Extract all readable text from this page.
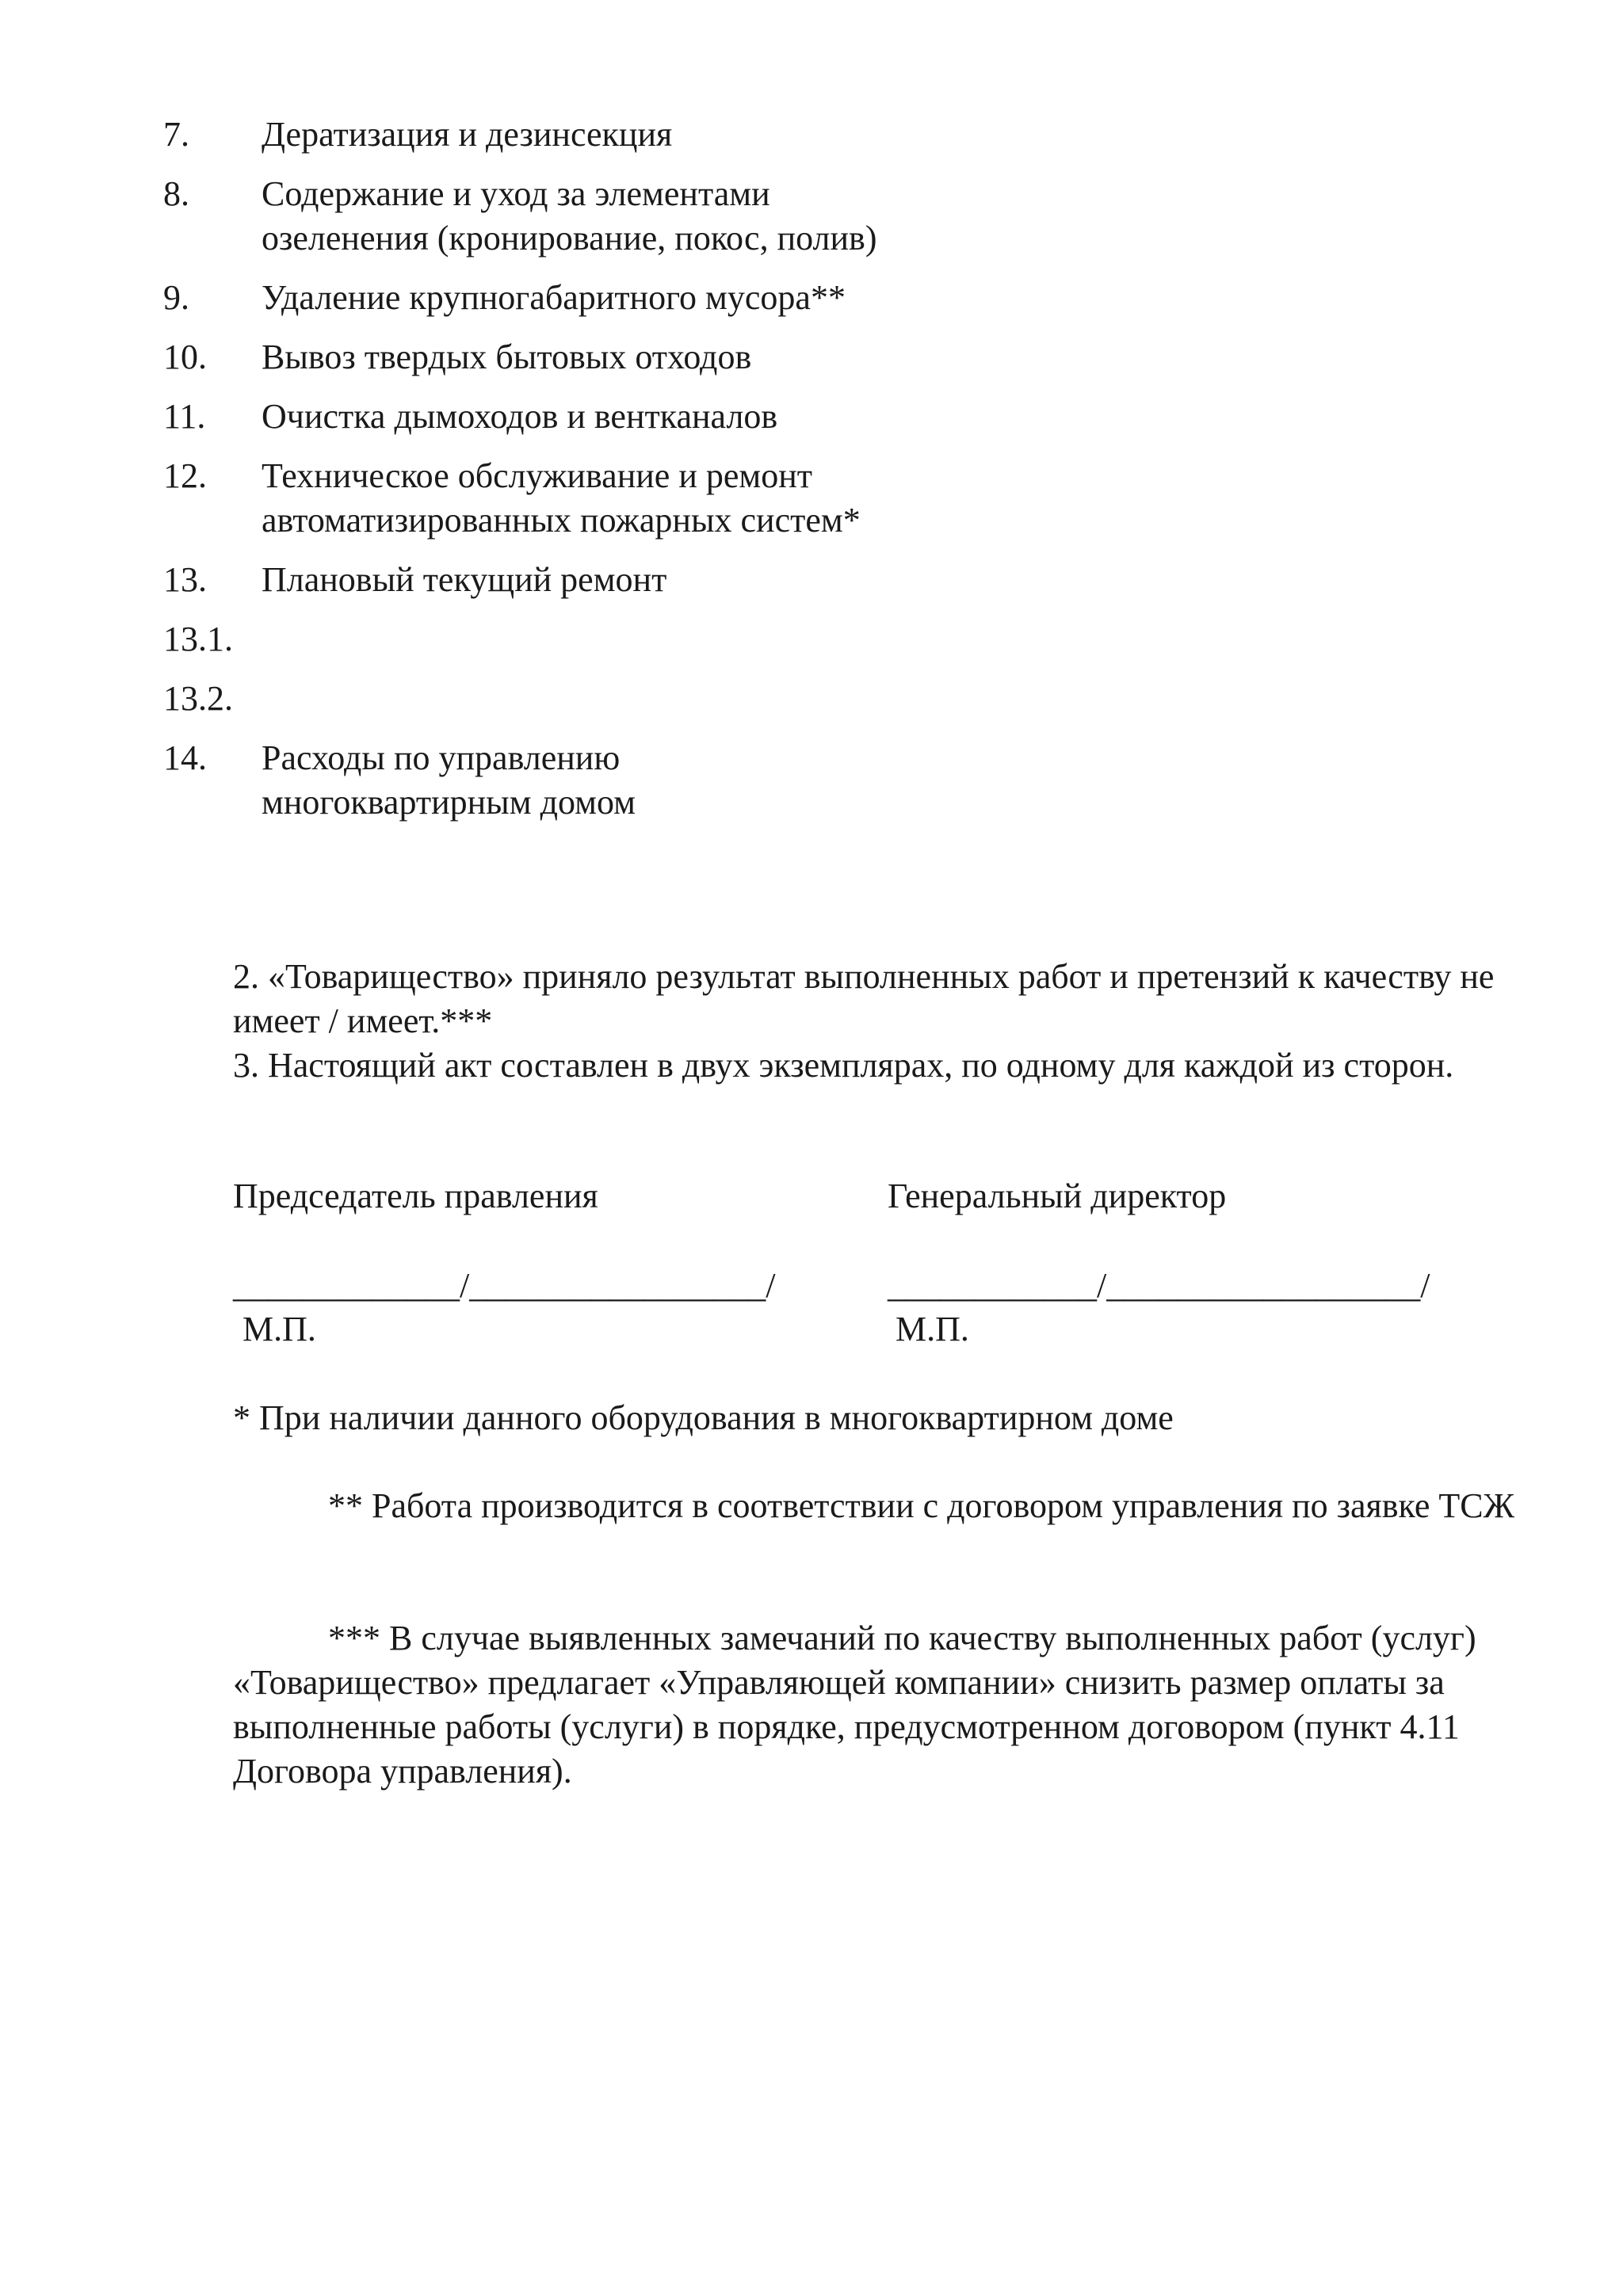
7.	Дератизация и дезинсекция
8.	Содержание и уход за элементами озеленения (кронирование, покос, полив)
9.	Удаление крупногабаритного мусора**
10.	Вывоз твердых бытовых отходов
11.	Очистка дымоходов и вентканалов
12.	Техническое обслуживание и ремонт автоматизированных пожарных систем*
13.	Плановый текущий ремонт
13.1.
13.2.
14.	Расходы по управлению многоквартирным домом
2. «Товарищество» приняло результат выполненных работ и претензий к качеству не имеет / имеет.***
3. Настоящий акт составлен в двух экземплярах, по одному для каждой из сторон.
Председатель правления	Генеральный директор
_____________/_________________/	____________/__________________/
М.П.	М.П.
* При наличии данного оборудования в многоквартирном доме
** Работа производится в соответствии с договором управления по заявке ТСЖ
*** В случае выявленных замечаний по качеству выполненных работ (услуг) «Товарищество» предлагает «Управляющей компании» снизить размер оплаты за выполненные работы (услуги) в порядке, предусмотренном договором (пункт 4.11 Договора управления).
